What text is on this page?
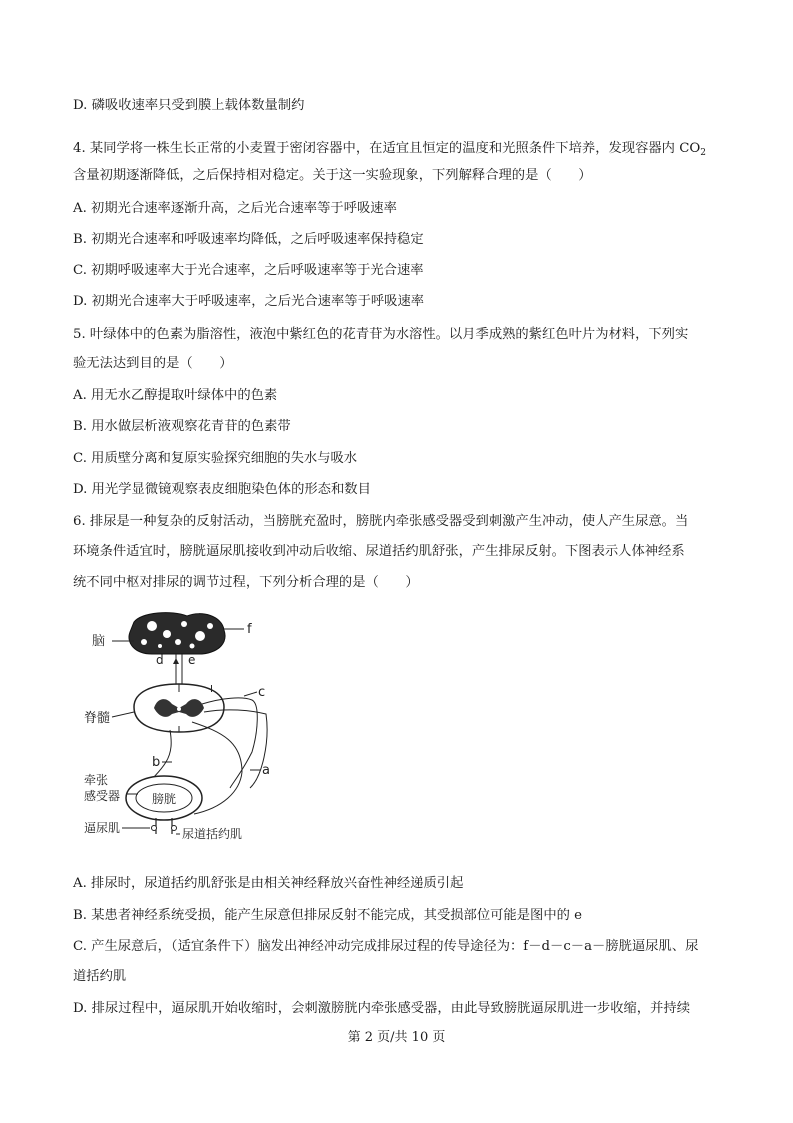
D. 磷吸收速率只受到膜上载体数量制约
4. 某同学将一株生长正常的小麦置于密闭容器中，在适宜且恒定的温度和光照条件下培养，发现容器内 $CO_2$
含量初期逐渐降低，之后保持相对稳定。关于这一实验现象，下列解释合理的是（　　）
A. 初期光合速率逐渐升高，之后光合速率等于呼吸速率
B. 初期光合速率和呼吸速率均降低，之后呼吸速率保持稳定
C. 初期呼吸速率大于光合速率，之后呼吸速率等于光合速率
D. 初期光合速率大于呼吸速率，之后光合速率等于呼吸速率
5. 叶绿体中的色素为脂溶性，液泡中紫红色的花青苷为水溶性。以月季成熟的紫红色叶片为材料，下列实
验无法达到目的是（　　）
A. 用无水乙醇提取叶绿体中的色素
B. 用水做层析液观察花青苷的色素带
C. 用质壁分离和复原实验探究细胞的失水与吸水
D. 用光学显微镜观察表皮细胞染色体的形态和数目
6. 排尿是一种复杂的反射活动，当膀胱充盈时，膀胱内牵张感受器受到刺激产生冲动，使人产生尿意。当
环境条件适宜时，膀胱逼尿肌接收到冲动后收缩、尿道括约肌舒张，产生排尿反射。下图表示人体神经系
统不同中枢对排尿的调节过程，下列分析合理的是（　　）
f
脑
d e
脊髓
c
I
a
b
膀胱
牵张
感受器
逼尿肌	尿道括约肌
A. 排尿时，尿道括约肌舒张是由相关神经释放兴奋性神经递质引起
B. 某患者神经系统受损，能产生尿意但排尿反射不能完成，其受损部位可能是图中的 e
C. 产生尿意后，（适宜条件下）脑发出神经冲动完成排尿过程的传导途径为：f－d－c－a－膀胱逼尿肌、尿
道括约肌
D. 排尿过程中，逼尿肌开始收缩时，会刺激膀胱内牵张感受器，由此导致膀胱逼尿肌进一步收缩，并持续
第 2 页/共 10 页
